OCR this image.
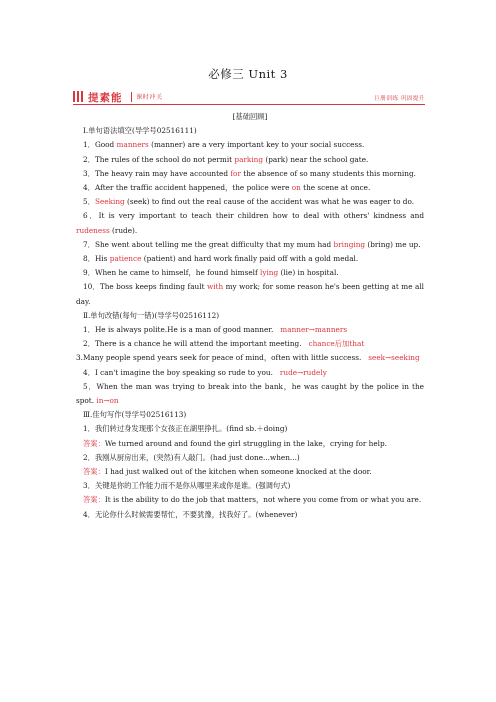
必修三 Unit 3
提素能 课时冲关	巨册训练 巩固提升

[基础回顾]

Ⅰ.单句语法填空(导学号02516111)

1．Good manners (manner) are a very important key to your social success.

2．The rules of the school do not permit parking (park) near the school gate.

3．The heavy rain may have accounted for the absence of so many students this morning.

4．After the traffic accident happened，the police were on the scene at once.

5．Seeking (seek) to find out the real cause of the accident was what he was eager to do.

6．It is very important to teach their children how to deal with others' kindness and rudeness (rude).

7．She went about telling me the great difficulty that my mum had bringing (bring) me up.

8．His patience (patient) and hard work finally paid off with a gold medal.

9．When he came to himself，he found himself lying (lie) in hospital.

10．The boss keeps finding fault with my work; for some reason he's been getting at me all day.

Ⅱ.单句改错(每句一错)(导学号02516112)

1．He is always polite.He is a man of good manner. manner→manners

2．There is a chance he will attend the important meeting. chance后加that

3.Many people spend years seek for peace of mind，often with little success. seek→seeking

4．I can't imagine the boy speaking so rude to you. rude→rudely

5．When the man was trying to break into the bank，he was caught by the police in the spot. in→on

Ⅲ.佳句写作(导学号02516113)

1．我们转过身发现那个女孩正在湖里挣扎。(find sb.＋doing)

答案：We turned around and found the girl struggling in the lake，crying for help.

2．我刚从厨房出来，(突然)有人敲门。(had just done...when...)

答案：I had just walked out of the kitchen when someone knocked at the door.

3．关键是你的工作能力而不是你从哪里来或你是谁。(强调句式)

答案：It is the ability to do the job that matters，not where you come from or what you are.

4．无论你什么时候需要帮忙，不要犹豫，找我好了。(whenever)
